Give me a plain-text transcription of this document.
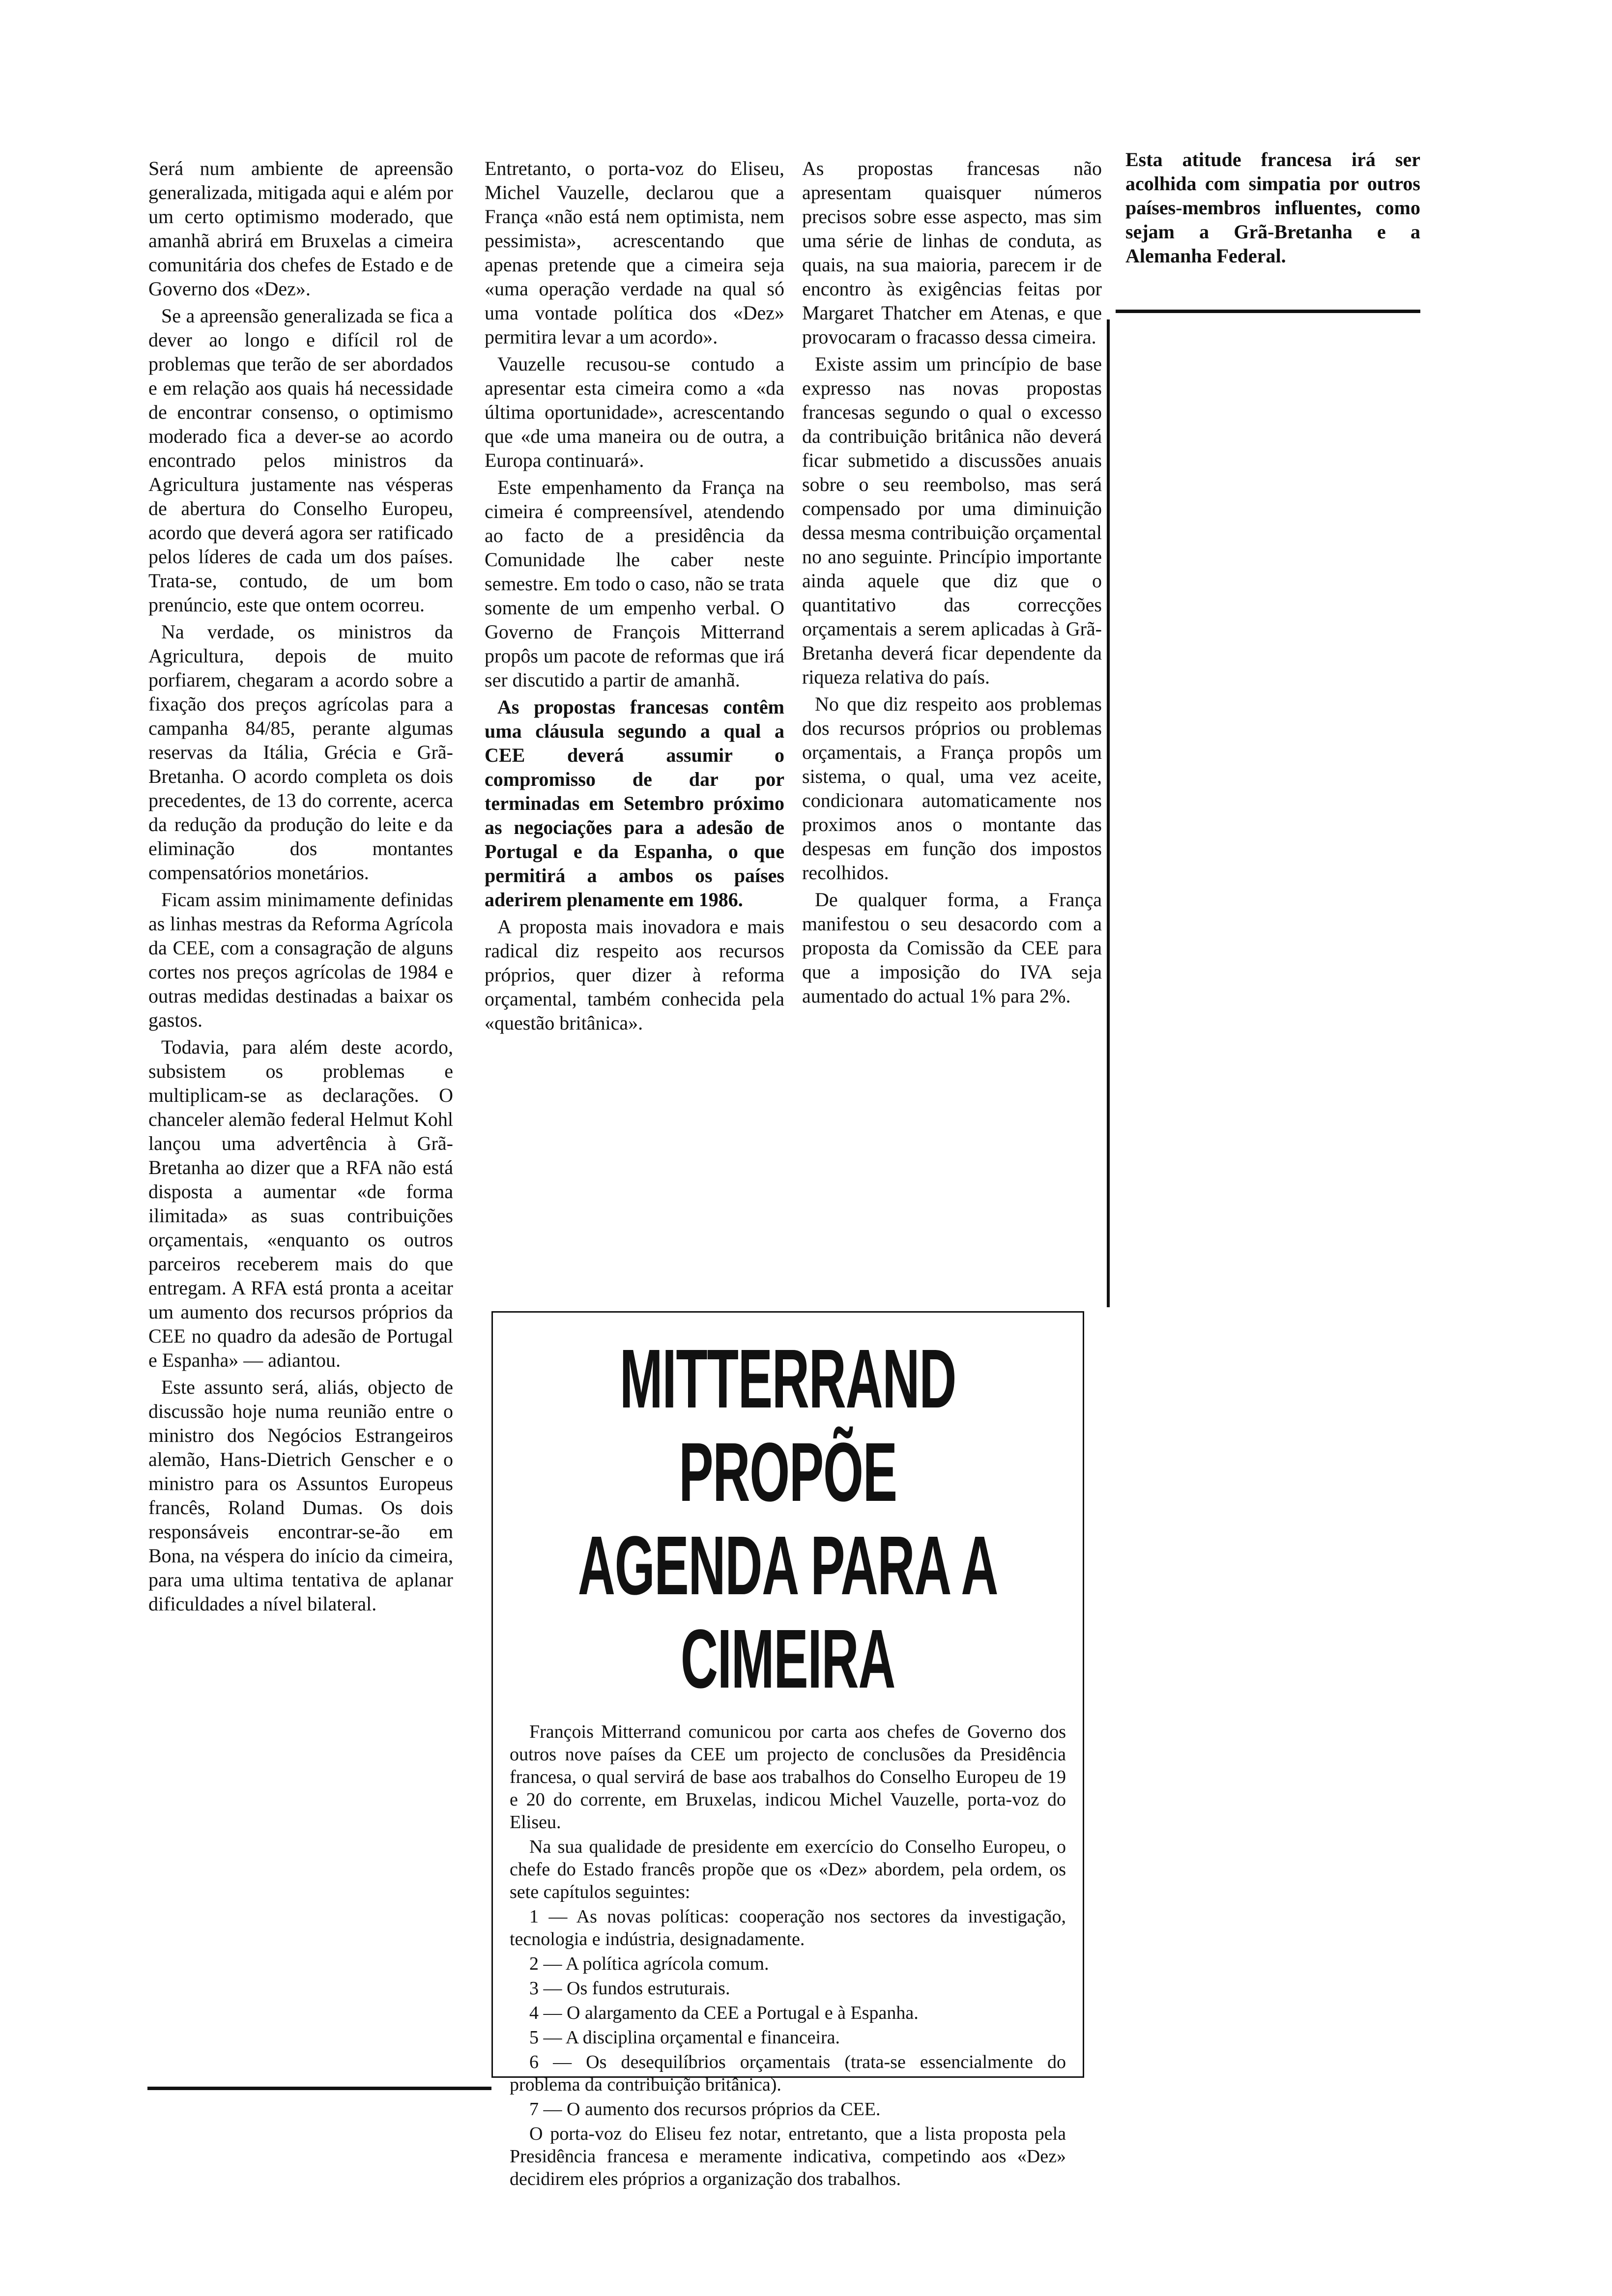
Será num ambiente de apreensão generalizada, mitigada aqui e além por um certo optimismo moderado, que amanhã abrirá em Bruxelas a cimeira comunitária dos chefes de Estado e de Governo dos «Dez».

Se a apreensão generalizada se fica a dever ao longo e difícil rol de problemas que terão de ser abordados e em relação aos quais há necessidade de encontrar consenso, o optimismo moderado fica a dever-se ao acordo encontrado pelos ministros da Agricultura justamente nas vésperas de abertura do Conselho Europeu, acordo que deverá agora ser ratificado pelos líderes de cada um dos países. Trata-se, contudo, de um bom prenúncio, este que ontem ocorreu.

Na verdade, os ministros da Agricultura, depois de muito porfiarem, chegaram a acordo sobre a fixação dos preços agrícolas para a campanha 84/85, perante algumas reservas da Itália, Grécia e Grã-Bretanha. O acordo completa os dois precedentes, de 13 do corrente, acerca da redução da produção do leite e da eliminação dos montantes compensatórios monetários.

Ficam assim minimamente definidas as linhas mestras da Reforma Agrícola da CEE, com a consagração de alguns cortes nos preços agrícolas de 1984 e outras medidas destinadas a baixar os gastos.

Todavia, para além deste acordo, subsistem os problemas e multiplicam-se as declarações. O chanceler alemão federal Helmut Kohl lançou uma advertência à Grã-Bretanha ao dizer que a RFA não está disposta a aumentar «de forma ilimitada» as suas contribuições orçamentais, «enquanto os outros parceiros receberem mais do que entregam. A RFA está pronta a aceitar um aumento dos recursos próprios da CEE no quadro da adesão de Portugal e Espanha» — adiantou.

Este assunto será, aliás, objecto de discussão hoje numa reunião entre o ministro dos Negócios Estrangeiros alemão, Hans-Dietrich Genscher e o ministro para os Assuntos Europeus francês, Roland Dumas. Os dois responsáveis encontrar-se-ão em Bona, na véspera do início da cimeira, para uma ultima tentativa de aplanar dificuldades a nível bilateral.

Entretanto, o porta-voz do Eliseu, Michel Vauzelle, declarou que a França «não está nem optimista, nem pessimista», acrescentando que apenas pretende que a cimeira seja «uma operação verdade na qual só uma vontade política dos «Dez» permitira levar a um acordo».

Vauzelle recusou-se contudo a apresentar esta cimeira como a «da última oportunidade», acrescentando que «de uma maneira ou de outra, a Europa continuará».

Este empenhamento da França na cimeira é compreensível, atendendo ao facto de a presidência da Comunidade lhe caber neste semestre. Em todo o caso, não se trata somente de um empenho verbal. O Governo de François Mitterrand propôs um pacote de reformas que irá ser discutido a partir de amanhã.

As propostas francesas contêm uma cláusula segundo a qual a CEE deverá assumir o compromisso de dar por terminadas em Setembro próximo as negociações para a adesão de Portugal e da Espanha, o que permitirá a ambos os países aderirem plenamente em 1986.

A proposta mais inovadora e mais radical diz respeito aos recursos próprios, quer dizer à reforma orçamental, também conhecida pela «questão britânica».

As propostas francesas não apresentam quaisquer números precisos sobre esse aspecto, mas sim uma série de linhas de conduta, as quais, na sua maioria, parecem ir de encontro às exigências feitas por Margaret Thatcher em Atenas, e que provocaram o fracasso dessa cimeira.

Existe assim um princípio de base expresso nas novas propostas francesas segundo o qual o excesso da contribuição britânica não deverá ficar submetido a discussões anuais sobre o seu reembolso, mas será compensado por uma diminuição dessa mesma contribuição orçamental no ano seguinte. Princípio importante ainda aquele que diz que o quantitativo das correcções orçamentais a serem aplicadas à Grã-Bretanha deverá ficar dependente da riqueza relativa do país.

No que diz respeito aos problemas dos recursos próprios ou problemas orçamentais, a França propôs um sistema, o qual, uma vez aceite, condicionara automaticamente nos proximos anos o montante das despesas em função dos impostos recolhidos.

De qualquer forma, a França manifestou o seu desacordo com a proposta da Comissão da CEE para que a imposição do IVA seja aumentado do actual 1% para 2%.

Esta atitude francesa irá ser acolhida com simpatia por outros países-membros influentes, como sejam a Grã-Bretanha e a Alemanha Federal.

MITTERRAND PROPÕE
AGENDA PARA A CIMEIRA

François Mitterrand comunicou por carta aos chefes de Governo dos outros nove países da CEE um projecto de conclusões da Presidência francesa, o qual servirá de base aos trabalhos do Conselho Europeu de 19 e 20 do corrente, em Bruxelas, indicou Michel Vauzelle, porta-voz do Eliseu.

Na sua qualidade de presidente em exercício do Conselho Europeu, o chefe do Estado francês propõe que os «Dez» abordem, pela ordem, os sete capítulos seguintes:

1 — As novas políticas: cooperação nos sectores da investigação, tecnologia e indústria, designadamente.

2 — A política agrícola comum.

3 — Os fundos estruturais.

4 — O alargamento da CEE a Portugal e à Espanha.

5 — A disciplina orçamental e financeira.

6 — Os desequilíbrios orçamentais (trata-se essencialmente do problema da contribuição britânica).

7 — O aumento dos recursos próprios da CEE.

O porta-voz do Eliseu fez notar, entretanto, que a lista proposta pela Presidência francesa e meramente indicativa, competindo aos «Dez» decidirem eles próprios a organização dos trabalhos.
